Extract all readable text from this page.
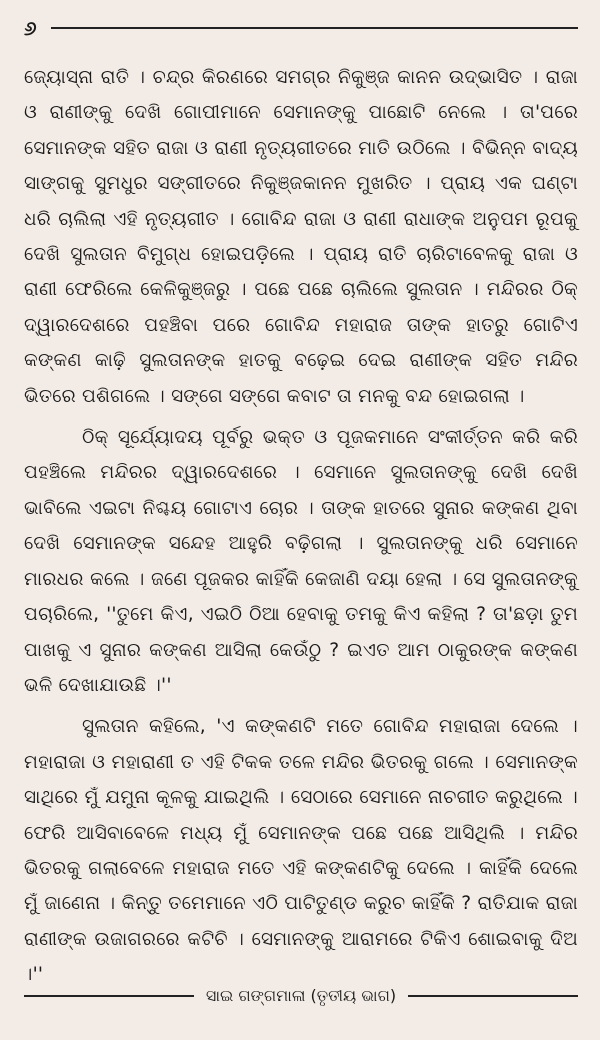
୬

ଜ୍ୟୋସ୍ନା ରାତି । ଚନ୍ଦ୍ର କିରଣରେ ସମଗ୍ର ନିକୁଞ୍ଜ କାନନ ଉଦ୍ଭାସିତ । ରାଜା ଓ ରାଣୀଙ୍କୁ ଦେଖି ଗୋପୀମାନେ ସେମାନଙ୍କୁ ପାଛୋଟି ନେଲେ । ତା'ପରେ ସେମାନଙ୍କ ସହିତ ରାଜା ଓ ରାଣୀ ନୃତ୍ୟଗୀତରେ ମାତି ଉଠିଲେ । ବିଭିନ୍ନ ବାଦ୍ୟ ସାଙ୍ଗକୁ ସୁମଧୁର ସଙ୍ଗୀତରେ ନିକୁଞ୍ଜକାନନ ମୁଖରିତ । ପ୍ରାୟ ଏକ ଘଣ୍ଟା ଧରି ଚାଲିଲା ଏହି ନୃତ୍ୟଗୀତ । ଗୋବିନ୍ଦ ରାଜା ଓ ରାଣୀ ରାଧାଙ୍କ ଅନୁପମ ରୂପକୁ ଦେଖି ସୁଲତାନ ବିମୁଗ୍ଧ ହୋଇପଡ଼ିଲେ । ପ୍ରାୟ ରାତି ଚାରିଟାବେଳକୁ ରାଜା ଓ ରାଣୀ ଫେରିଲେ କେଳିକୁଞ୍ଜରୁ । ପଛେ ପଛେ ଚାଲିଲେ ସୁଲତାନ । ମନ୍ଦିରର ଠିକ୍ ଦ୍ୱାରଦେଶରେ ପହଞ୍ଚିବା ପରେ ଗୋବିନ୍ଦ ମହାରାଜ ତାଙ୍କ ହାତରୁ ଗୋଟିଏ କଙ୍କଣ କାଢ଼ି ସୁଲତାନଙ୍କ ହାତକୁ ବଢ଼େଇ ଦେଇ ରାଣୀଙ୍କ ସହିତ ମନ୍ଦିର ଭିତରେ ପଶିଗଲେ । ସଙ୍ଗେ ସଙ୍ଗେ କବାଟ ତା ମନକୁ ବନ୍ଦ ହୋଇଗଲା ।

ଠିକ୍ ସୂର୍ଯ୍ୟୋଦୟ ପୂର୍ବରୁ ଭକ୍ତ ଓ ପୂଜକମାନେ ସଂକୀର୍ତ୍ତନ କରି କରି ପହଞ୍ଚିଲେ ମନ୍ଦିରର ଦ୍ୱାରଦେଶରେ । ସେମାନେ ସୁଲତାନଙ୍କୁ ଦେଖି ଦେଖି ଭାବିଲେ ଏଇଟା ନିଶ୍ଚୟ ଗୋଟାଏ ଚୋର । ତାଙ୍କ ହାତରେ ସୁନାର କଙ୍କଣ ଥିବା ଦେଖି ସେମାନଙ୍କ ସନ୍ଦେହ ଆହୁରି ବଢ଼ିଗଲା । ସୁଲତାନଙ୍କୁ ଧରି ସେମାନେ ମାରଧର କଲେ । ଜଣେ ପୂଜକର କାହିଁକି କେଜାଣି ଦୟା ହେଲା । ସେ ସୁଲତାନଙ୍କୁ ପଚାରିଲେ, ''ତୁମେ କିଏ, ଏଇଠି ଠିଆ ହେବାକୁ ତମକୁ କିଏ କହିଲା ? ତା'ଛଡ଼ା ତୁମ ପାଖକୁ ଏ ସୁନାର କଙ୍କଣ ଆସିଲା କେଉଁଠୁ ? ଇଏତ ଆମ ଠାକୁରଙ୍କ କଙ୍କଣ ଭଳି ଦେଖାଯାଉଛି ।''

ସୁଲତାନ କହିଲେ, 'ଏ କଙ୍କଣଟି ମତେ ଗୋବିନ୍ଦ ମହାରାଜା ଦେଲେ । ମହାରାଜା ଓ ମହାରାଣୀ ତ ଏହି ଟିକକ ତଳେ ମନ୍ଦିର ଭିତରକୁ ଗଲେ । ସେମାନଙ୍କ ସାଥିରେ ମୁଁ ଯମୁନା କୂଳକୁ ଯାଇଥିଲି । ସେଠାରେ ସେମାନେ ନାଚଗୀତ କରୁଥିଲେ । ଫେରି ଆସିବାବେଳେ ମଧ୍ୟ ମୁଁ ସେମାନଙ୍କ ପଛେ ପଛେ ଆସିଥିଲି । ମନ୍ଦିର ଭିତରକୁ ଗଲାବେଳେ ମହାରାଜ ମତେ ଏହି କଙ୍କଣଟିକୁ ଦେଲେ । କାହିଁକି ଦେଲେ ମୁଁ ଜାଣେନା । କିନ୍ତୁ ତମେମାନେ ଏଠି ପାଟିତୁଣ୍ଡ କରୁଚ କାହିଁକି ? ରାତିଯାକ ରାଜା ରାଣୀଙ୍କ ଉଜାଗରରେ କଟିଚି । ସେମାନଙ୍କୁ ଆରାମରେ ଟିକିଏ ଶୋଇବାକୁ ଦିଅ ।''

ସାଇ ଗଙ୍ଗମାଳା (ତୃତୀୟ ଭାଗ)
